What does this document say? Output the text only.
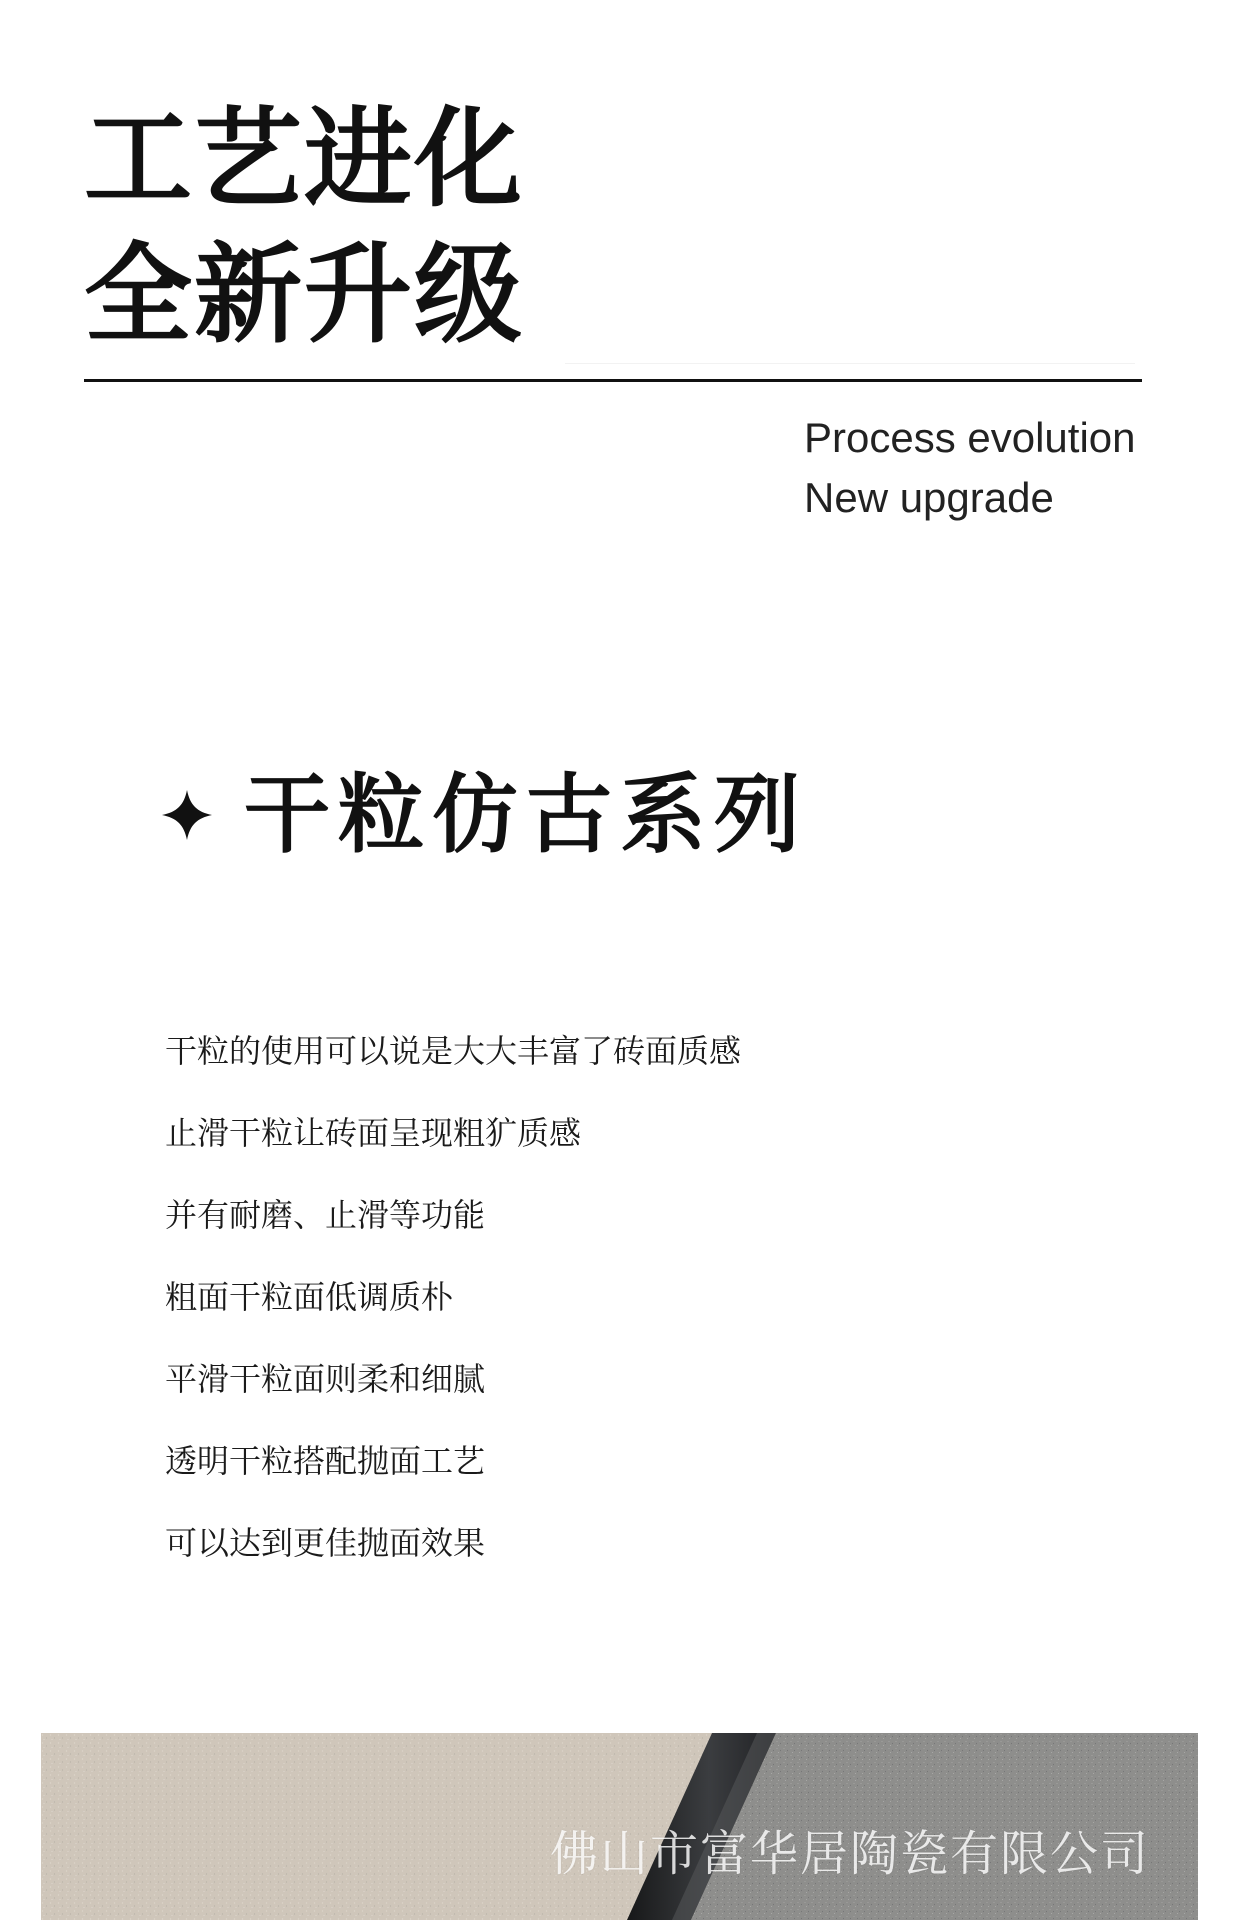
工艺进化
全新升级
Process evolution
New upgrade
干粒仿古系列
干粒的使用可以说是大大丰富了砖面质感
止滑干粒让砖面呈现粗犷质感
并有耐磨、止滑等功能
粗面干粒面低调质朴
平滑干粒面则柔和细腻
透明干粒搭配抛面工艺
可以达到更佳抛面效果
佛山市富华居陶瓷有限公司
